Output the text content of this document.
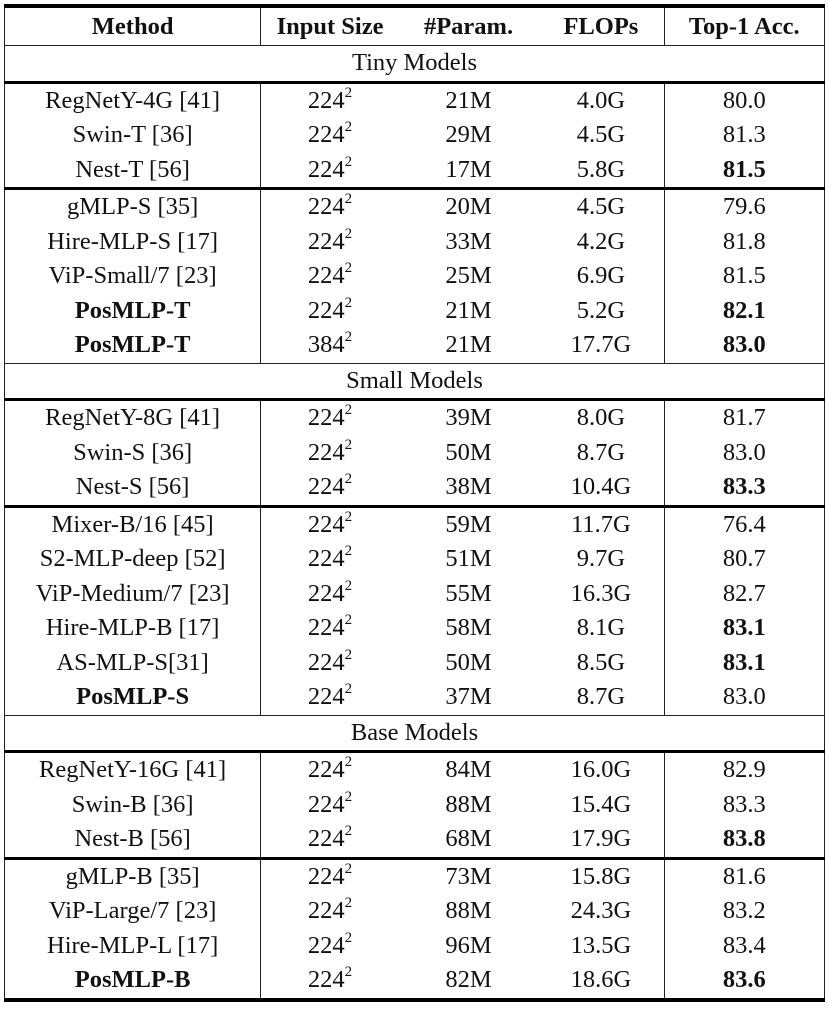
Method	Input Size	#Param.	FLOPs	Top-1 Acc.
Tiny Models				
RegNetY-4G [41]	$224^2$	21M	4.0G	80.0
Swin-T [36]	$224^2$	29M	4.5G	81.3
Nest-T [56]	$224^2$	17M	5.8G	81.5
gMLP-S [35]	$224^2$	20M	4.5G	79.6
Hire-MLP-S [17]	$224^2$	33M	4.2G	81.8
ViP-Small/7 [23]	$224^2$	25M	6.9G	81.5
PosMLP-T	$224^2$	21M	5.2G	82.1
PosMLP-T	$384^2$	21M	17.7G	83.0
Small Models				
RegNetY-8G [41]	$224^2$	39M	8.0G	81.7
Swin-S [36]	$224^2$	50M	8.7G	83.0
Nest-S [56]	$224^2$	38M	10.4G	83.3
Mixer-B/16 [45]	$224^2$	59M	11.7G	76.4
S2-MLP-deep [52]	$224^2$	51M	9.7G	80.7
ViP-Medium/7 [23]	$224^2$	55M	16.3G	82.7
Hire-MLP-B [17]	$224^2$	58M	8.1G	83.1
AS-MLP-S[31]	$224^2$	50M	8.5G	83.1
PosMLP-S	$224^2$	37M	8.7G	83.0
Base Models				
RegNetY-16G [41]	$224^2$	84M	16.0G	82.9
Swin-B [36]	$224^2$	88M	15.4G	83.3
Nest-B [56]	$224^2$	68M	17.9G	83.8
gMLP-B [35]	$224^2$	73M	15.8G	81.6
ViP-Large/7 [23]	$224^2$	88M	24.3G	83.2
Hire-MLP-L [17]	$224^2$	96M	13.5G	83.4
PosMLP-B	$224^2$	82M	18.6G	83.6
